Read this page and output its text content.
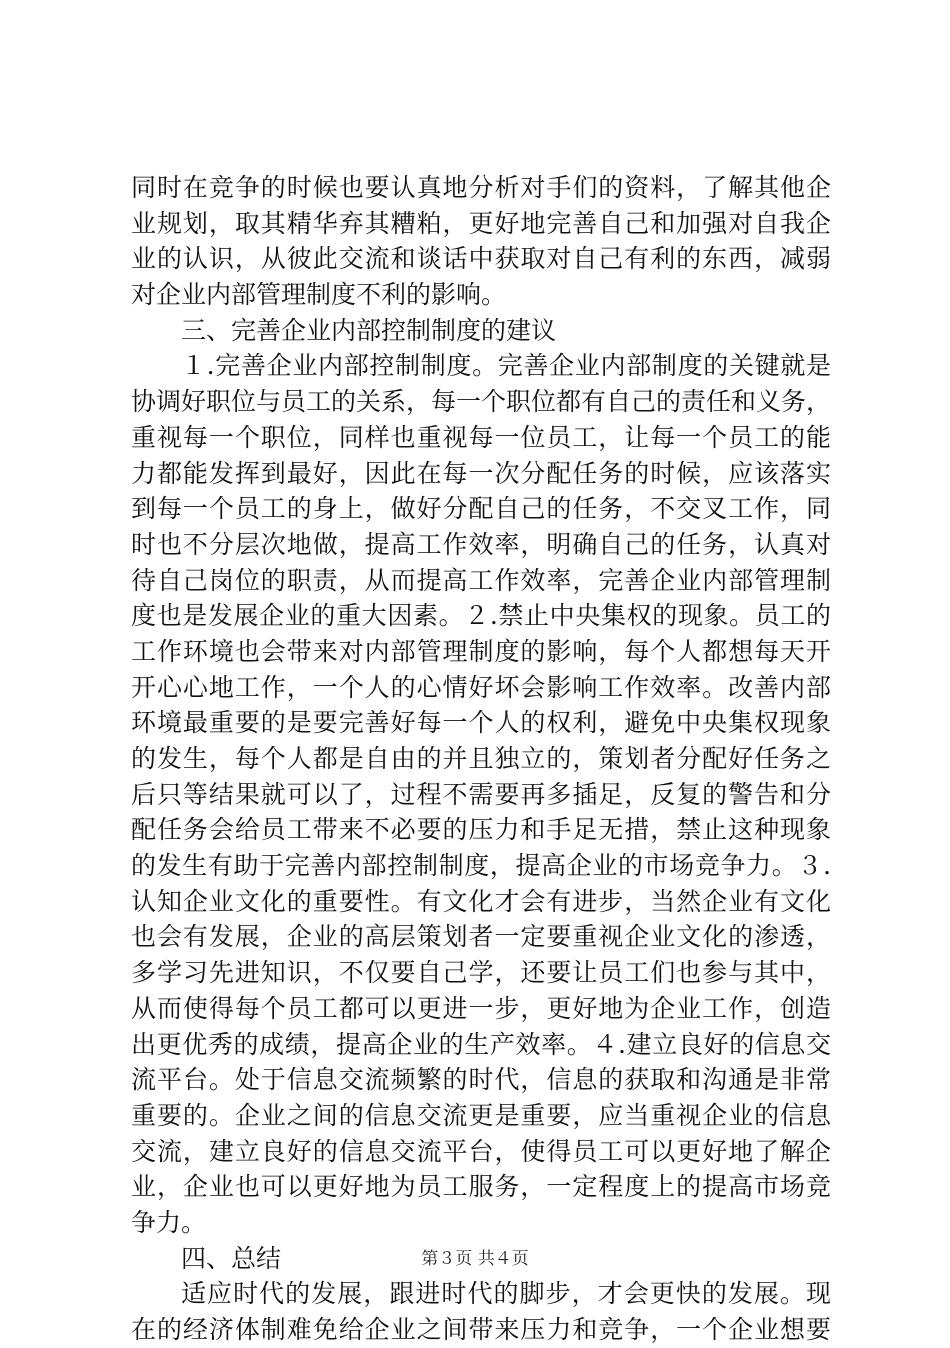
同时在竞争的时候也要认真地分析对手们的资料，了解其他企
业规划，取其精华弃其糟粕，更好地完善自己和加强对自我企
业的认识，从彼此交流和谈话中获取对自己有利的东西，减弱
对企业内部管理制度不利的影响。
三、完善企业内部控制制度的建议
１.完善企业内部控制制度。完善企业内部制度的关键就是
协调好职位与员工的关系，每一个职位都有自己的责任和义务，
重视每一个职位，同样也重视每一位员工，让每一个员工的能
力都能发挥到最好，因此在每一次分配任务的时候，应该落实
到每一个员工的身上，做好分配自己的任务，不交叉工作，同
时也不分层次地做，提高工作效率，明确自己的任务，认真对
待自己岗位的职责，从而提高工作效率，完善企业内部管理制
度也是发展企业的重大因素。２.禁止中央集权的现象。员工的
工作环境也会带来对内部管理制度的影响，每个人都想每天开
开心心地工作，一个人的心情好坏会影响工作效率。改善内部
环境最重要的是要完善好每一个人的权利，避免中央集权现象
的发生，每个人都是自由的并且独立的，策划者分配好任务之
后只等结果就可以了，过程不需要再多插足，反复的警告和分
配任务会给员工带来不必要的压力和手足无措，禁止这种现象
的发生有助于完善内部控制制度，提高企业的市场竞争力。３.
认知企业文化的重要性。有文化才会有进步，当然企业有文化
也会有发展，企业的高层策划者一定要重视企业文化的渗透，
多学习先进知识，不仅要自己学，还要让员工们也参与其中，
从而使得每个员工都可以更进一步，更好地为企业工作，创造
出更优秀的成绩，提高企业的生产效率。４.建立良好的信息交
流平台。处于信息交流频繁的时代，信息的获取和沟通是非常
重要的。企业之间的信息交流更是重要，应当重视企业的信息
交流，建立良好的信息交流平台，使得员工可以更好地了解企
业，企业也可以更好地为员工服务，一定程度上的提高市场竞
争力。
四、总结
适应时代的发展，跟进时代的脚步，才会更快的发展。现
在的经济体制难免给企业之间带来压力和竞争，一个企业想要
第３页 共４页
